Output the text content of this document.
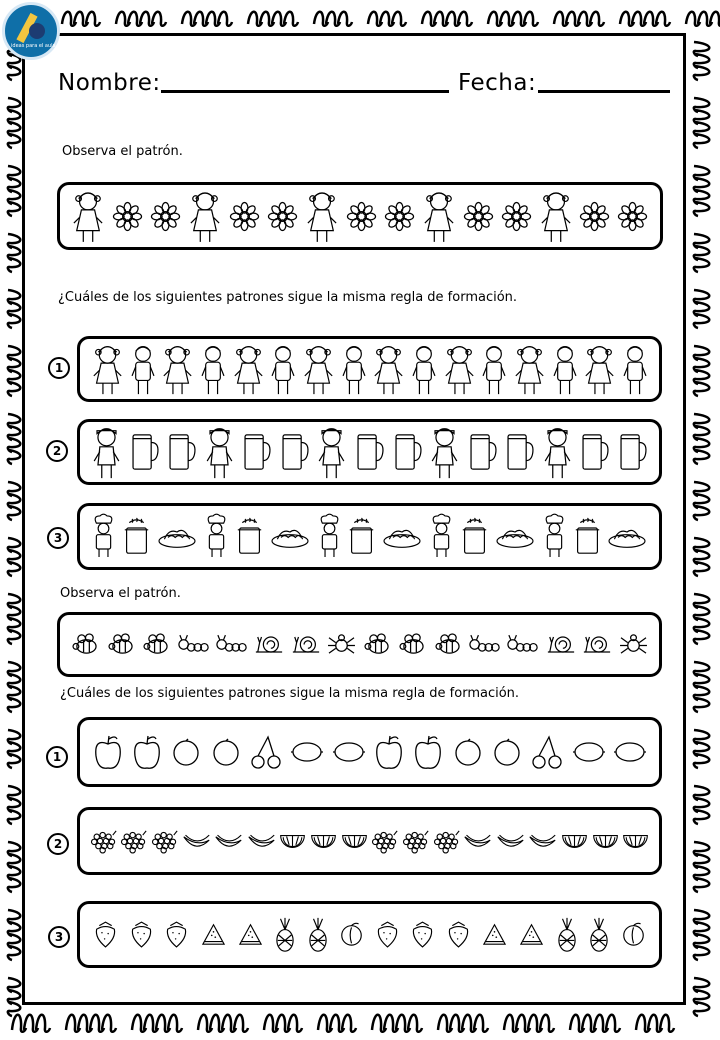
ideas para el aula
Nombre:	Fecha:
Observa el patrón.
¿Cuáles de los siguientes patrones sigue la misma regla de formación.
1
2
3
Observa el patrón.
¿Cuáles de los siguientes patrones sigue la misma regla de formación.
1
2
3
